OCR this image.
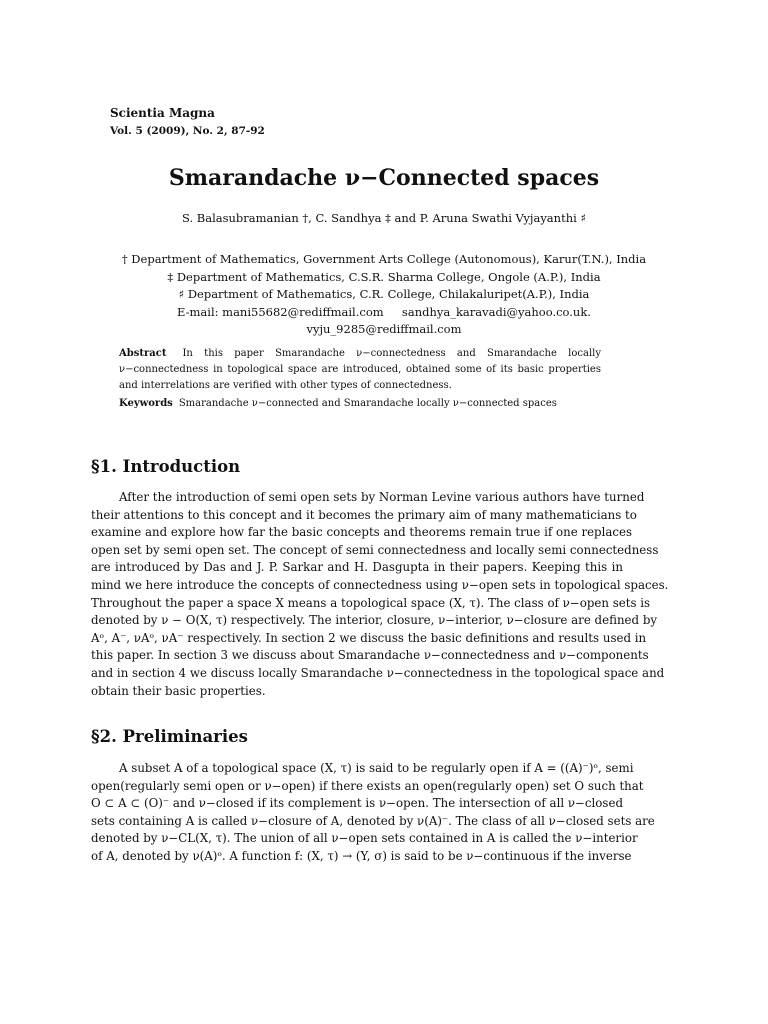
Scientia Magna
Vol. 5 (2009), No. 2, 87-92
Smarandache ν−Connected spaces
S. Balasubramanian †, C. Sandhya ‡ and P. Aruna Swathi Vyjayanthi ♯
† Department of Mathematics, Government Arts College (Autonomous), Karur(T.N.), India
‡ Department of Mathematics, C.S.R. Sharma College, Ongole (A.P.), India
♯ Department of Mathematics, C.R. College, Chilakaluripet(A.P.), India
E-mail: mani55682@rediffmail.com     sandhya_karavadi@yahoo.co.uk.
vyju_9285@rediffmail.com
Abstract In this paper Smarandache ν−connectedness and Smarandache locally ν−connectedness in topological space are introduced, obtained some of its basic properties and interrelations are verified with other types of connectedness.
Keywords Smarandache ν−connected and Smarandache locally ν−connected spaces
§1. Introduction
After the introduction of semi open sets by Norman Levine various authors have turned
their attentions to this concept and it becomes the primary aim of many mathematicians to
examine and explore how far the basic concepts and theorems remain true if one replaces
open set by semi open set. The concept of semi connectedness and locally semi connectedness
are introduced by Das and J. P. Sarkar and H. Dasgupta in their papers. Keeping this in
mind we here introduce the concepts of connectedness using ν−open sets in topological spaces.
Throughout the paper a space X means a topological space (X, τ). The class of ν−open sets is
denoted by ν − O(X, τ) respectively. The interior, closure, ν−interior, ν−closure are defined by
Aᵒ, A⁻, νAᵒ, νA⁻ respectively. In section 2 we discuss the basic definitions and results used in
this paper. In section 3 we discuss about Smarandache ν−connectedness and ν−components
and in section 4 we discuss locally Smarandache ν−connectedness in the topological space and
obtain their basic properties.
§2. Preliminaries
A subset A of a topological space (X, τ) is said to be regularly open if A = ((A)⁻)ᵒ, semi
open(regularly semi open or ν−open) if there exists an open(regularly open) set O such that
O ⊂ A ⊂ (O)⁻ and ν−closed if its complement is ν−open. The intersection of all ν−closed
sets containing A is called ν−closure of A, denoted by ν(A)⁻. The class of all ν−closed sets are
denoted by ν−CL(X, τ). The union of all ν−open sets contained in A is called the ν−interior
of A, denoted by ν(A)ᵒ. A function f: (X, τ) → (Y, σ) is said to be ν−continuous if the inverse
